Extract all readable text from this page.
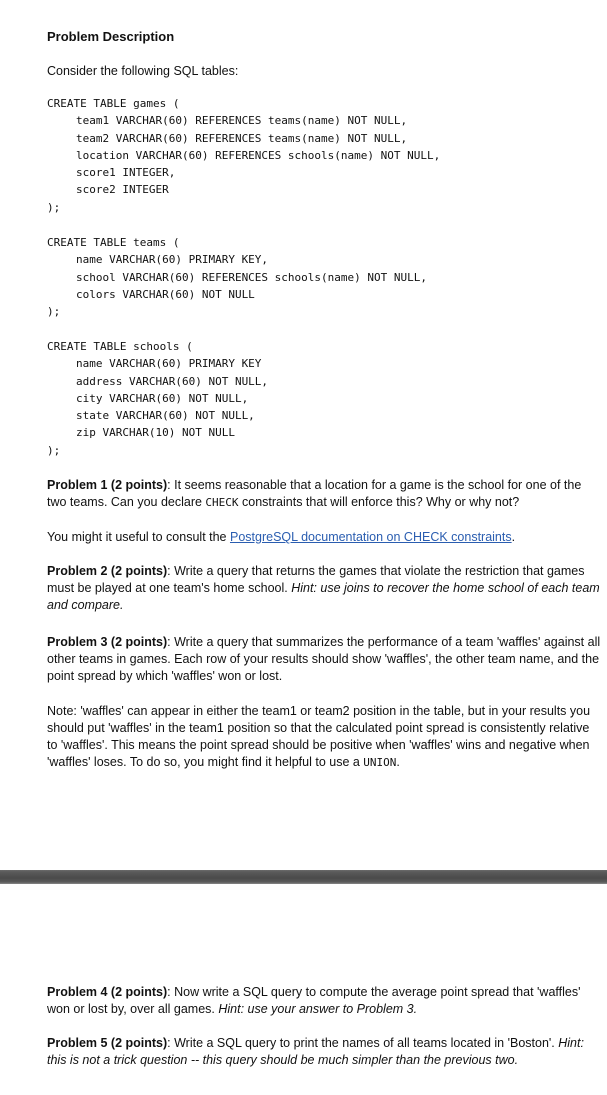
Problem Description

Consider the following SQL tables:

CREATE TABLE games (
team1 VARCHAR(60) REFERENCES teams(name) NOT NULL,
team2 VARCHAR(60) REFERENCES teams(name) NOT NULL,
location VARCHAR(60) REFERENCES schools(name) NOT NULL,
score1 INTEGER,
score2 INTEGER
);
CREATE TABLE teams (
name VARCHAR(60) PRIMARY KEY,
school VARCHAR(60) REFERENCES schools(name) NOT NULL,
colors VARCHAR(60) NOT NULL
);
CREATE TABLE schools (
name VARCHAR(60) PRIMARY KEY
address VARCHAR(60) NOT NULL,
city VARCHAR(60) NOT NULL,
state VARCHAR(60) NOT NULL,
zip VARCHAR(10) NOT NULL
);

Problem 1 (2 points): It seems reasonable that a location for a game is the school for one of the two teams. Can you declare CHECK constraints that will enforce this? Why or why not?

You might it useful to consult the PostgreSQL documentation on CHECK constraints.

Problem 2 (2 points): Write a query that returns the games that violate the restriction that games must be played at one team's home school. Hint: use joins to recover the home school of each team and compare.

Problem 3 (2 points): Write a query that summarizes the performance of a team 'waffles' against all other teams in games. Each row of your results should show 'waffles', the other team name, and the point spread by which 'waffles' won or lost.

Note: 'waffles' can appear in either the team1 or team2 position in the table, but in your results you should put 'waffles' in the team1 position so that the calculated point spread is consistently relative to 'waffles'. This means the point spread should be positive when 'waffles' wins and negative when 'waffles' loses. To do so, you might find it helpful to use a UNION.

Problem 4 (2 points): Now write a SQL query to compute the average point spread that 'waffles' won or lost by, over all games. Hint: use your answer to Problem 3.

Problem 5 (2 points): Write a SQL query to print the names of all teams located in 'Boston'. Hint: this is not a trick question -- this query should be much simpler than the previous two.
